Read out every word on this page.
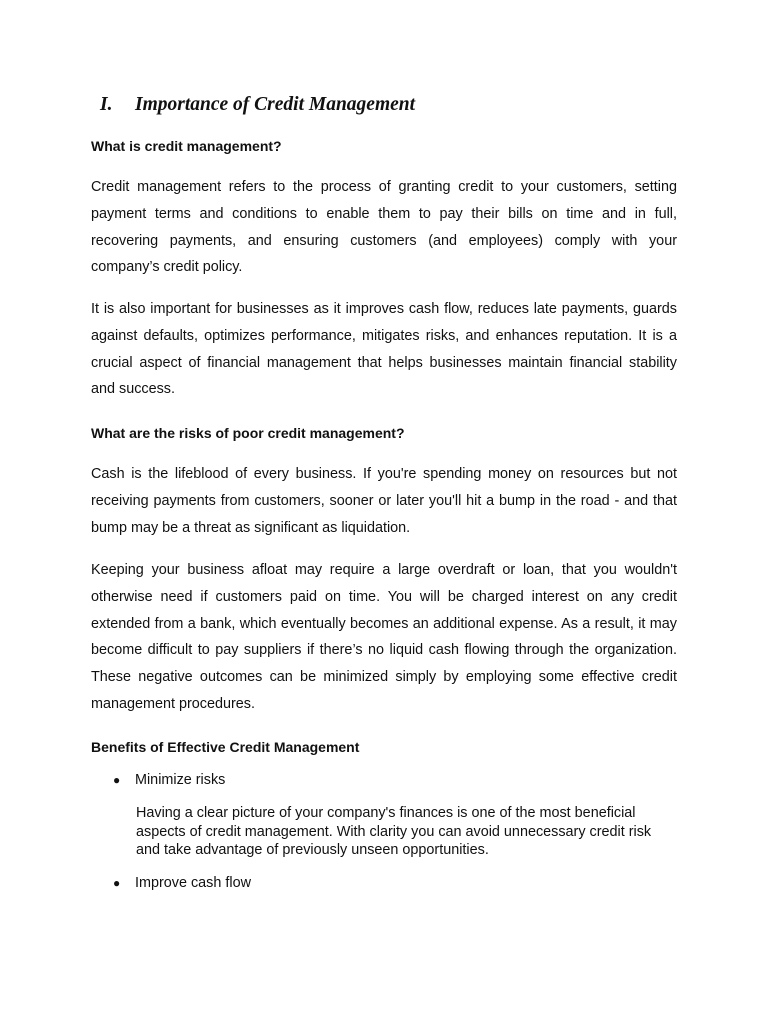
I. Importance of Credit Management
What is credit management?
Credit management refers to the process of granting credit to your customers, setting payment terms and conditions to enable them to pay their bills on time and in full, recovering payments, and ensuring customers (and employees) comply with your company’s credit policy.
It is also important for businesses as it improves cash flow, reduces late payments, guards against defaults, optimizes performance, mitigates risks, and enhances reputation. It is a crucial aspect of financial management that helps businesses maintain financial stability and success.
What are the risks of poor credit management?
Cash is the lifeblood of every business. If you're spending money on resources but not receiving payments from customers, sooner or later you'll hit a bump in the road - and that bump may be a threat as significant as liquidation.
Keeping your business afloat may require a large overdraft or loan, that you wouldn't otherwise need if customers paid on time. You will be charged interest on any credit extended from a bank, which eventually becomes an additional expense. As a result, it may become difficult to pay suppliers if there’s no liquid cash flowing through the organization. These negative outcomes can be minimized simply by employing some effective credit management procedures.
Benefits of Effective Credit Management
● Minimize risks
Having a clear picture of your company's finances is one of the most beneficial aspects of credit management. With clarity you can avoid unnecessary credit risk and take advantage of previously unseen opportunities.
● Improve cash flow
